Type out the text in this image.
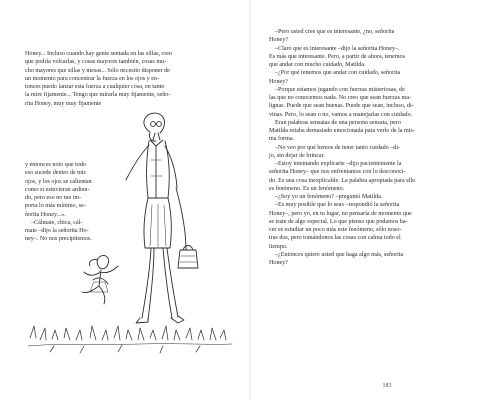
Honey... Incluso cuando hay gente sentada en las sillas, creo

que podría volcarlas, y cosas mayores también, cosas mu-

cho mayores que sillas y mesas... Sólo necesito disponer de

un momento para concentrar la fuerza en los ojos y en-

tonces puedo lanzar esta fuerza a cualquier cosa, en tanto

la mire fijamente... Tengo que mirarla muy fijamente, seño-

rita Honey, muy muy fijamente

y entonces noto que todo

eso sucede dentro de mis

ojos, y los ojos se calientan

como si estuvieran ardien-

do, pero eso no me im-

porta lo más mínimo, se-

ñorita Honey...».

–Cálmate, chica, cál-

mate –dijo la señorita Ho-

ney–. No nos precipitemos.

–Pero usted cree que es interesante, ¿no, señorita

Honey?

–Claro que es interesante –dijo la señorita Honey–.

Es más que interesante. Pero, a partir de ahora, tenemos

que andar con mucho cuidado, Matilda.

–¿Por qué tenemos que andar con cuidado, señorita

Honey?

–Porque estamos jugando con fuerzas misteriosas, de

las que no conocemos nada. No creo que sean fuerzas ma-

lignas. Puede que sean buenas. Puede que sean, incluso, di-

vinas. Pero, lo sean o no, vamos a manejarlas con cuidado.

Eran palabras sensatas de una persona sensata, pero

Matilda estaba demasiado emocionada para verlo de la mis-

ma forma.

–No veo por qué hemos de tener tanto cuidado –di-

jo, sin dejar de brincar.

–Estoy intentando explicarte –dijo pacientemente la

señorita Honey– que nos enfrentamos con lo desconoci-

do. Es una cosa inexplicable. La palabra apropiada para ello

es fenómeno. Es un fenómeno.

–¿Soy yo un fenómeno? –preguntó Matilda.

–Es muy posible que lo seas –respondió la señorita

Honey–, pero yo, en tu lugar, no pensaría de momento que

se trate de algo especial. Lo que pienso que podamos ha-

cer es estudiar un poco más este fenómeno, sólo noso-

tras dos, pero tomándonos las cosas con calma todo el

tiempo.

–¿Entonces quiere usted que haga algo más, señorita

Honey?

183
